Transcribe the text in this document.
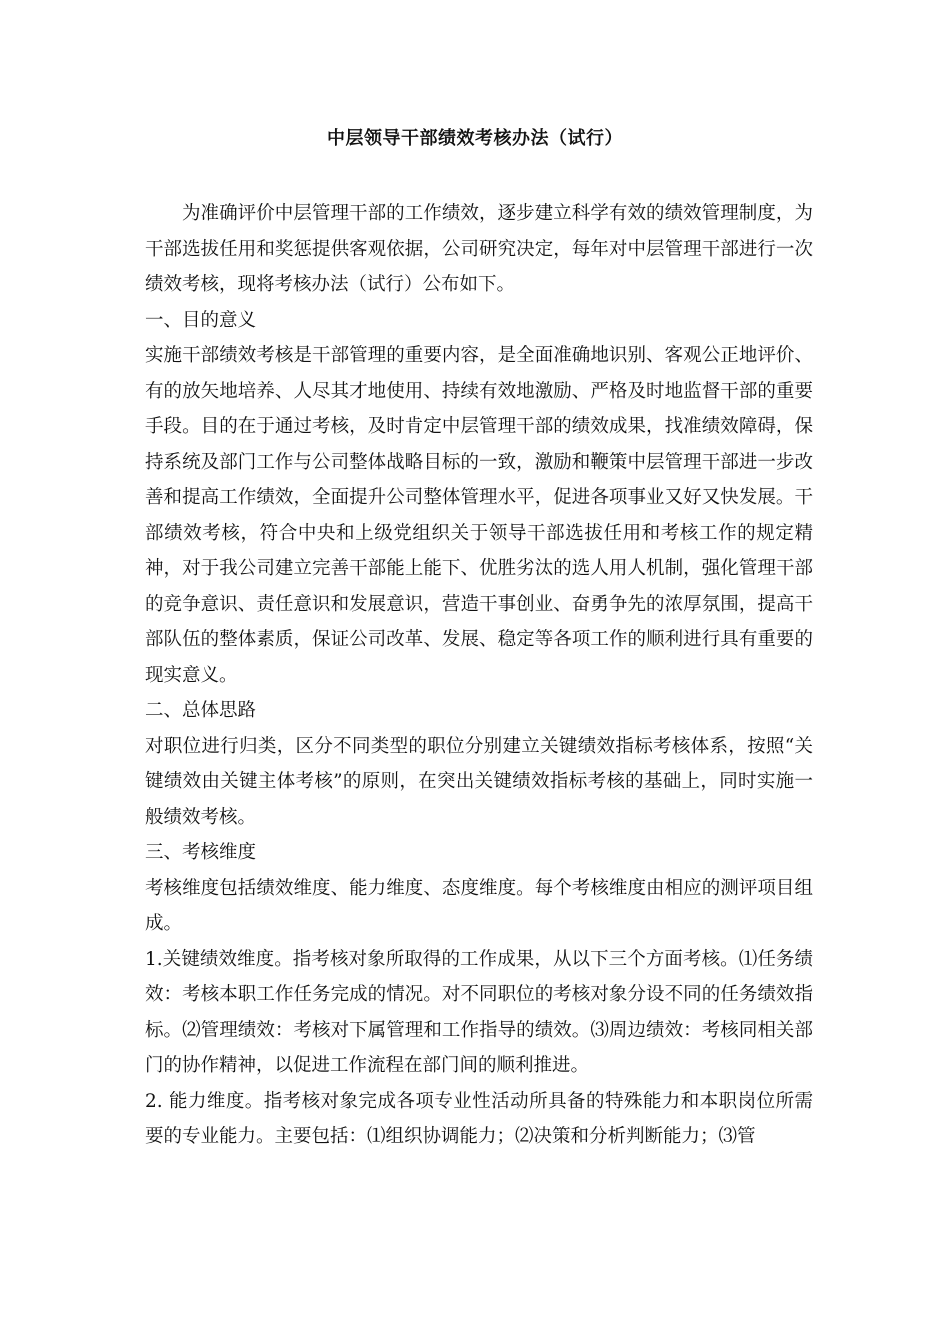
中层领导干部绩效考核办法（试行）

为准确评价中层管理干部的工作绩效，逐步建立科学有效的绩效管理制度，为干部选拔任用和奖惩提供客观依据，公司研究决定，每年对中层管理干部进行一次绩效考核，现将考核办法（试行）公布如下。

一、目的意义

实施干部绩效考核是干部管理的重要内容，是全面准确地识别、客观公正地评价、有的放矢地培养、人尽其才地使用、持续有效地激励、严格及时地监督干部的重要手段。目的在于通过考核，及时肯定中层管理干部的绩效成果，找准绩效障碍，保持系统及部门工作与公司整体战略目标的一致，激励和鞭策中层管理干部进一步改善和提高工作绩效，全面提升公司整体管理水平，促进各项事业又好又快发展。干部绩效考核，符合中央和上级党组织关于领导干部选拔任用和考核工作的规定精神，对于我公司建立完善干部能上能下、优胜劣汰的选人用人机制，强化管理干部的竞争意识、责任意识和发展意识，营造干事创业、奋勇争先的浓厚氛围，提高干部队伍的整体素质，保证公司改革、发展、稳定等各项工作的顺利进行具有重要的现实意义。

二、总体思路

对职位进行归类，区分不同类型的职位分别建立关键绩效指标考核体系，按照“关键绩效由关键主体考核”的原则，在突出关键绩效指标考核的基础上，同时实施一般绩效考核。

三、考核维度

考核维度包括绩效维度、能力维度、态度维度。每个考核维度由相应的测评项目组成。

1.关键绩效维度。指考核对象所取得的工作成果，从以下三个方面考核。⑴任务绩效：考核本职工作任务完成的情况。对不同职位的考核对象分设不同的任务绩效指标。⑵管理绩效：考核对下属管理和工作指导的绩效。⑶周边绩效：考核同相关部门的协作精神，以促进工作流程在部门间的顺利推进。

2. 能力维度。指考核对象完成各项专业性活动所具备的特殊能力和本职岗位所需要的专业能力。主要包括：⑴组织协调能力；⑵决策和分析判断能力；⑶管
